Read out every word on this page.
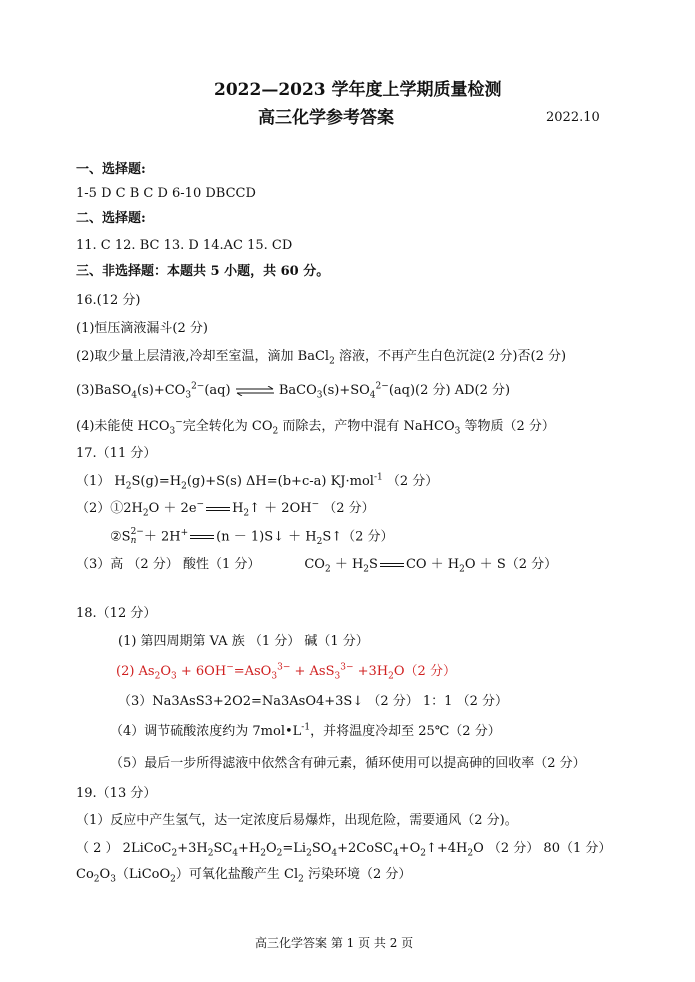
2022—2023 学年度上学期质量检测
高三化学参考答案	2022.10
一、选择题:
1-5 D C B C D 6-10 DBCCD
二、选择题:
11. C 12. BC 13. D 14.AC 15. CD
三、非选择题：本题共 5 小题，共 60 分。
16.(12 分)
(1)恒压滴液漏斗(2 分)
(2)取少量上层清液,冷却至室温，滴加 BaCl$_2$ 溶液，不再产生白色沉淀(2 分)否(2 分)
$(3)BaSO_4(s)+CO_3^{2-}(aq)$ ⇌ $BaCO_3(s)+SO_4^{2-}(aq)(2$ 分) AD(2 分)
(4)未能使 $HCO_3^-$完全转化为 $CO_2$ 而除去，产物中混有 NaHCO$_3$ 等物质（2 分）
17.（11 分）
（1） $H_2S(g)=H_2(g)+S(s)$ ΔH=(b+c-a) KJ·mol$^{-1}$ （2 分）
$(2)①2H_2O + 2e^-$ $H_2↑ + 2OH^-$ （2 分）
②S 2−
n ＋ 2H+ (n － 1)S↓ ＋ $H_2S↑(2$ 分）
（3）高 （2 分） 酸性（1 分）	$CO_2 + H_2S$ CO ＋ $H_2O + S(2$ 分）
18.（12 分）
(1) 第四周期第 VA 族 （1 分） 碱（1 分）
(2) $As_2O_3 + 6OH^-=AsO_3^{3-} + AsS_3^{3-} +3H_2O(2$ 分）
（3）Na3AsS3+2O2=Na3AsO4+3S↓ （2 分） 1：1 （2 分）
（4）调节硫酸浓度约为 $7mol•L^{-1}$，并将温度冷却至 25℃（2 分）
（5）最后一步所得滤液中依然含有砷元素，循环使用可以提高砷的回收率（2 分）
19.（13 分）
（1）反应中产生氢气，达一定浓度后易爆炸，出现危险，需要通风（2 分)。
（ 2 ） $2LiCoC_2+3H_2SC_4+H_2O_2=Li_2SO_4+2CoSC_4+O_2↑+4H_2O$ （2 分） 80（1 分）
$Co_2O_3(LiCoO_2)$可氧化盐酸产生 $Cl_2$ 污染环境（2 分）
高三化学答案 第 1 页 共 2 页
